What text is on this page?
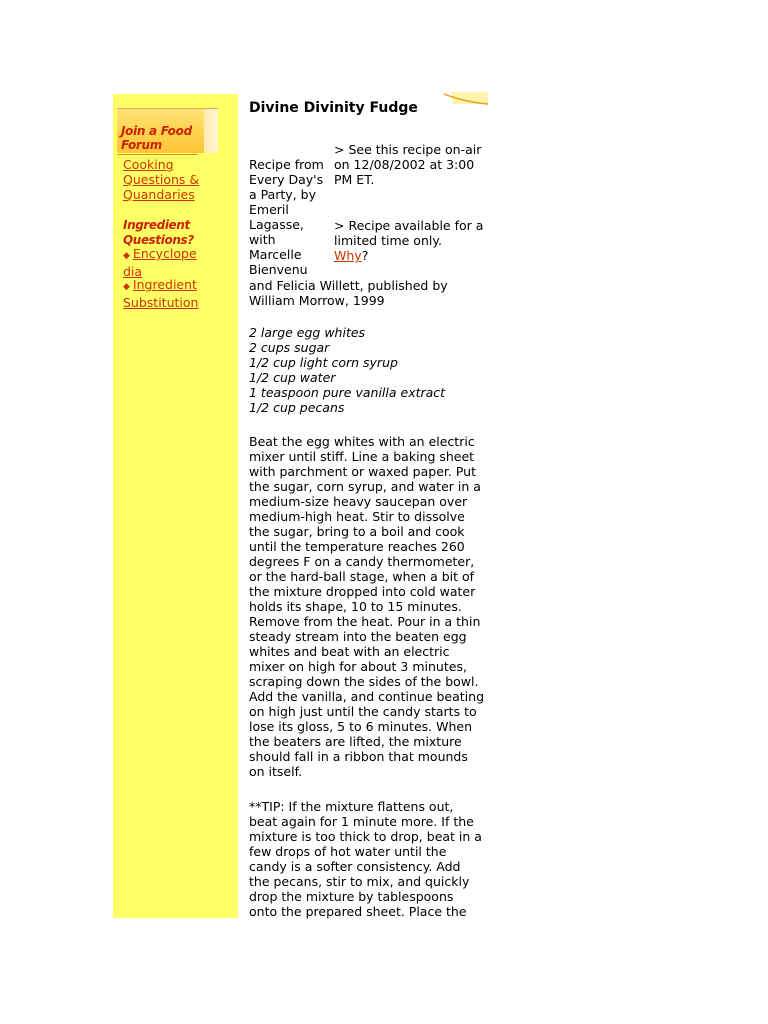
Join a Food Forum
Cooking Questions & Quandaries
Ingredient Questions?
◆ Encyclope
dia
◆ Ingredient
Substitution
Divine Divinity Fudge
> See this recipe on-air
on 12/08/2002 at 3:00
PM ET.
> Recipe available for a limited time only.
Why?
Recipe from
Every Day's
a Party, by
Emeril
Lagasse,
with
Marcelle
Bienvenu
and Felicia Willett, published by
William Morrow, 1999
2 large egg whites
2 cups sugar
1/2 cup light corn syrup
1/2 cup water
1 teaspoon pure vanilla extract
1/2 cup pecans
Beat the egg whites with an electric
mixer until stiff. Line a baking sheet
with parchment or waxed paper. Put
the sugar, corn syrup, and water in a
medium-size heavy saucepan over
medium-high heat. Stir to dissolve
the sugar, bring to a boil and cook
until the temperature reaches 260
degrees F on a candy thermometer,
or the hard-ball stage, when a bit of
the mixture dropped into cold water
holds its shape, 10 to 15 minutes.
Remove from the heat. Pour in a thin
steady stream into the beaten egg
whites and beat with an electric
mixer on high for about 3 minutes,
scraping down the sides of the bowl.
Add the vanilla, and continue beating
on high just until the candy starts to
lose its gloss, 5 to 6 minutes. When
the beaters are lifted, the mixture
should fall in a ribbon that mounds
on itself.
**TIP: If the mixture flattens out,
beat again for 1 minute more. If the
mixture is too thick to drop, beat in a
few drops of hot water until the
candy is a softer consistency. Add
the pecans, stir to mix, and quickly
drop the mixture by tablespoons
onto the prepared sheet. Place the
